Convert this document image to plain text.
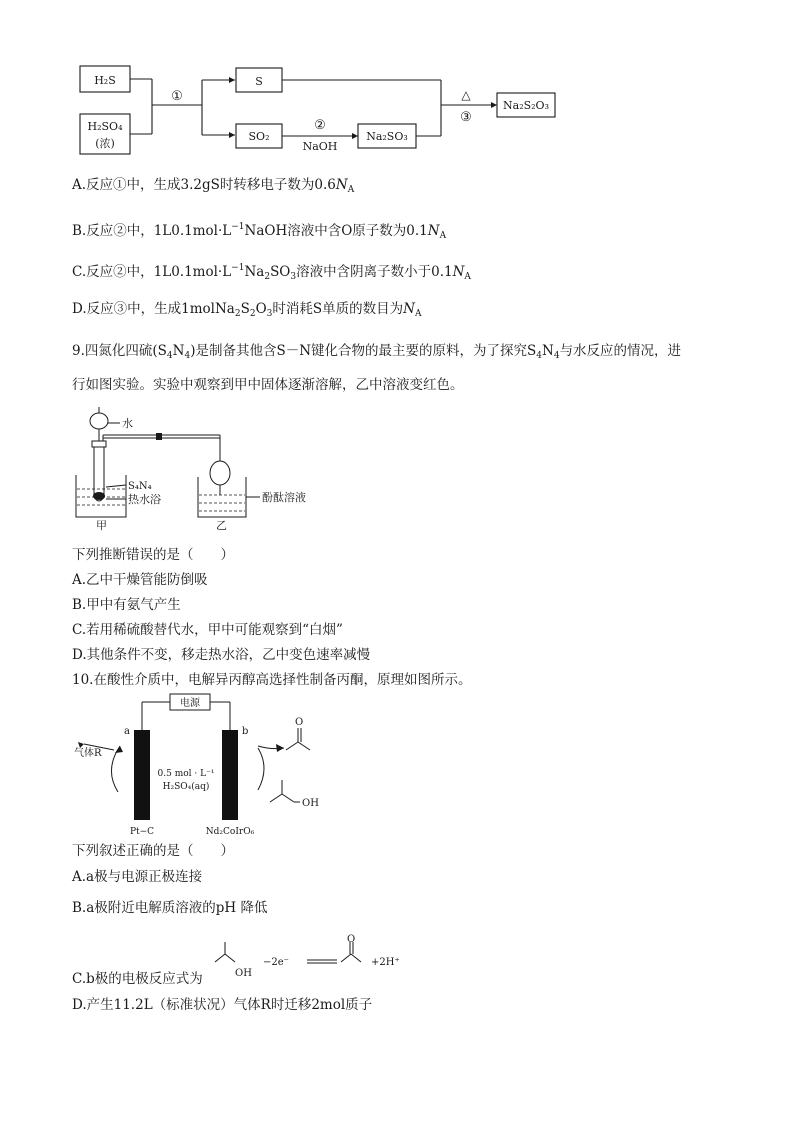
H₂S
H₂SO₄
(浓)
①
S
SO₂
②
NaOH
Na₂SO₃
△
③
Na₂S₂O₃
A.反应①中，生成3.2gS时转移电子数为$0.6N_A$
B.反应②中，$1L0.1mol\cdot L^{-1}NaOH$溶液中含O原子数为$0.1N_A$
C.反应②中，$1L0.1mol\cdot L^{-1}Na_2SO_3$溶液中含阴离子数小于$0.1N_A$
D.反应③中，生成$1molNa_2S_2O_3$时消耗S单质的数目为$N_A$
9.四氮化四硫$(S_4N_4)$是制备其他含S－N键化合物的最主要的原料，为了探究$S_4N_4$与水反应的情况，进
行如图实验。实验中观察到甲中固体逐渐溶解，乙中溶液变红色。
水
S₄N₄
热水浴
甲	乙
酚酞溶液
下列推断错误的是（　　）
A.乙中干燥管能防倒吸
B.甲中有氨气产生
C.若用稀硫酸替代水，甲中可能观察到“白烟”
D.其他条件不变，移走热水浴，乙中变色速率减慢
10.在酸性介质中，电解异丙醇高选择性制备丙酮，原理如图所示。
电源
a	b
气体R
0.5 mol · L⁻¹
H₂SO₄(aq)
Pt−C	Nd₂CoIrO₆
O
OH
下列叙述正确的是（　　）
A.a极与电源正极连接
B.a极附近电解质溶液的pH 降低
OH
−2e⁻
O
+2H⁺
C.b极的电极反应式为
D.产生11.2L（标准状况）气体R时迁移2mol质子
